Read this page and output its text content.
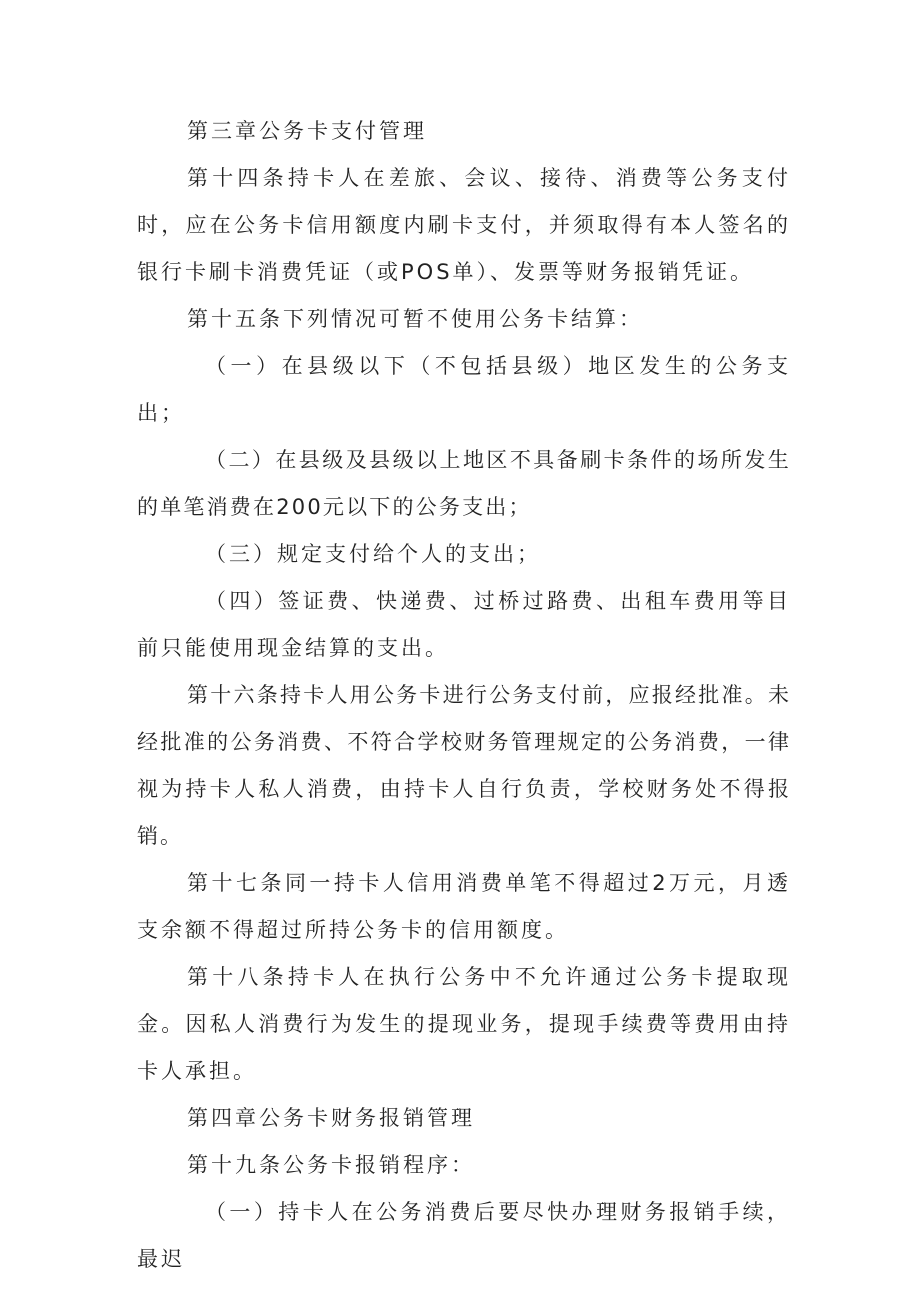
第三章公务卡支付管理

第十四条持卡人在差旅、会议、接待、消费等公务支付时，应在公务卡信用额度内刷卡支付，并须取得有本人签名的银行卡刷卡消费凭证（或POS单）、发票等财务报销凭证。

第十五条下列情况可暂不使用公务卡结算：

（一）在县级以下（不包括县级）地区发生的公务支出；

（二）在县级及县级以上地区不具备刷卡条件的场所发生的单笔消费在200元以下的公务支出；

（三）规定支付给个人的支出；

（四）签证费、快递费、过桥过路费、出租车费用等目前只能使用现金结算的支出。

第十六条持卡人用公务卡进行公务支付前，应报经批准。未经批准的公务消费、不符合学校财务管理规定的公务消费，一律视为持卡人私人消费，由持卡人自行负责，学校财务处不得报销。

第十七条同一持卡人信用消费单笔不得超过2万元，月透支余额不得超过所持公务卡的信用额度。

第十八条持卡人在执行公务中不允许通过公务卡提取现金。因私人消费行为发生的提现业务，提现手续费等费用由持卡人承担。

第四章公务卡财务报销管理

第十九条公务卡报销程序：

（一）持卡人在公务消费后要尽快办理财务报销手续，最迟
